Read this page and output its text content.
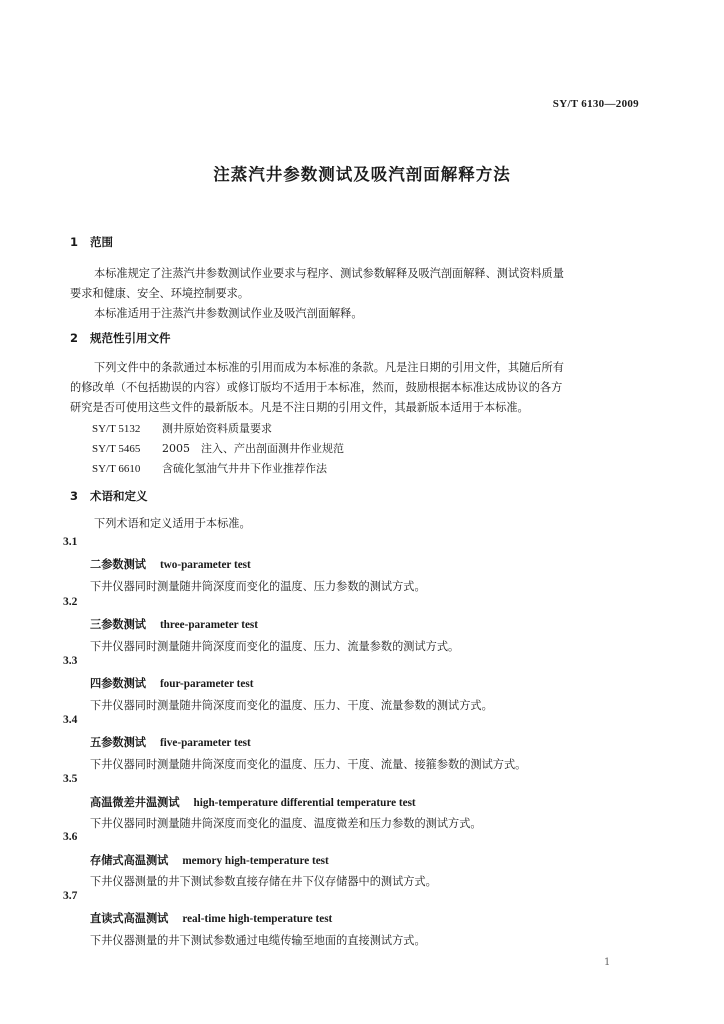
SY/T 6130—2009
注蒸汽井参数测试及吸汽剖面解释方法
1 范围
本标准规定了注蒸汽井参数测试作业要求与程序、测试参数解释及吸汽剖面解释、测试资料质量
要求和健康、安全、环境控制要求。
本标准适用于注蒸汽井参数测试作业及吸汽剖面解释。
2 规范性引用文件
下列文件中的条款通过本标准的引用而成为本标准的条款。凡是注日期的引用文件，其随后所有
的修改单（不包括勘误的内容）或修订版均不适用于本标准，然而，鼓励根据本标准达成协议的各方
研究是否可使用这些文件的最新版本。凡是不注日期的引用文件，其最新版本适用于本标准。
SY/T 5132 测井原始资料质量要求
SY/T 5465 2005　注入、产出剖面测井作业规范
SY/T 6610 含硫化氢油气井井下作业推荐作法
3 术语和定义
下列术语和定义适用于本标准。
3.1
二参数测试 two-parameter test
下井仪器同时测量随井筒深度而变化的温度、压力参数的测试方式。
3.2
三参数测试 three-parameter test
下井仪器同时测量随井筒深度而变化的温度、压力、流量参数的测试方式。
3.3
四参数测试 four-parameter test
下井仪器同时测量随井筒深度而变化的温度、压力、干度、流量参数的测试方式。
3.4
五参数测试 five-parameter test
下井仪器同时测量随井筒深度而变化的温度、压力、干度、流量、接箍参数的测试方式。
3.5
高温微差井温测试 high-temperature differential temperature test
下井仪器同时测量随井筒深度而变化的温度、温度微差和压力参数的测试方式。
3.6
存储式高温测试 memory high-temperature test
下井仪器测量的井下测试参数直接存储在井下仪存储器中的测试方式。
3.7
直读式高温测试 real-time high-temperature test
下井仪器测量的井下测试参数通过电缆传输至地面的直接测试方式。
1
